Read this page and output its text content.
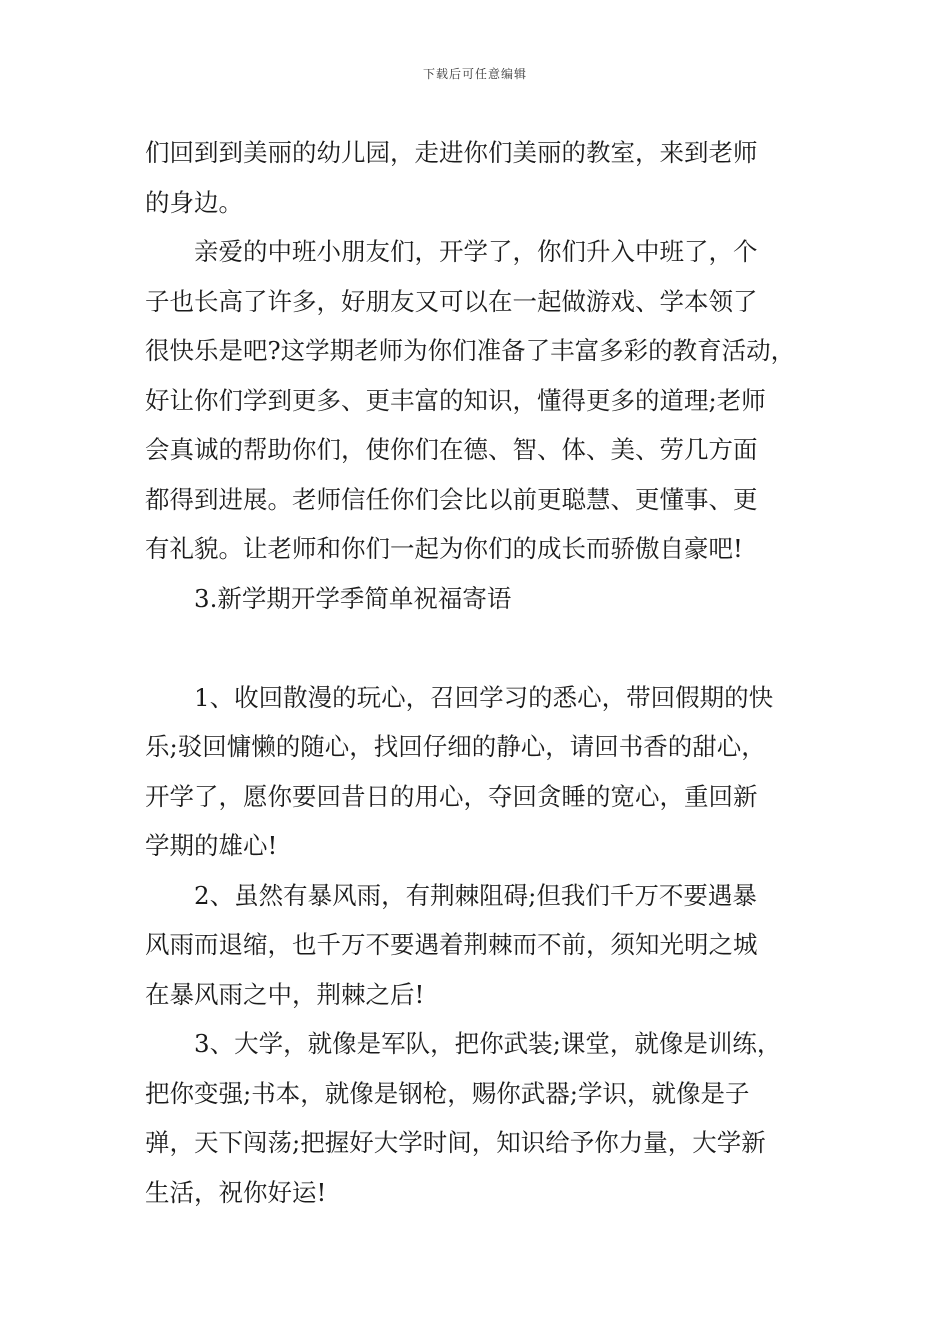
下载后可任意编辑
们回到到美丽的幼儿园，走进你们美丽的教室，来到老师
的身边。
亲爱的中班小朋友们，开学了，你们升入中班了，个
子也长高了许多，好朋友又可以在一起做游戏、学本领了
很快乐是吧?这学期老师为你们准备了丰富多彩的教育活动，
好让你们学到更多、更丰富的知识，懂得更多的道理;老师
会真诚的帮助你们，使你们在德、智、体、美、劳几方面
都得到进展。老师信任你们会比以前更聪慧、更懂事、更
有礼貌。让老师和你们一起为你们的成长而骄傲自豪吧!
3.新学期开学季简单祝福寄语
1、收回散漫的玩心，召回学习的悉心，带回假期的快
乐;驳回慵懒的随心，找回仔细的静心，请回书香的甜心，
开学了，愿你要回昔日的用心，夺回贪睡的宽心，重回新
学期的雄心!
2、虽然有暴风雨，有荆棘阻碍;但我们千万不要遇暴
风雨而退缩，也千万不要遇着荆棘而不前，须知光明之城
在暴风雨之中，荆棘之后!
3、大学，就像是军队，把你武装;课堂，就像是训练，
把你变强;书本，就像是钢枪，赐你武器;学识，就像是子
弹，天下闯荡;把握好大学时间，知识给予你力量，大学新
生活，祝你好运!
